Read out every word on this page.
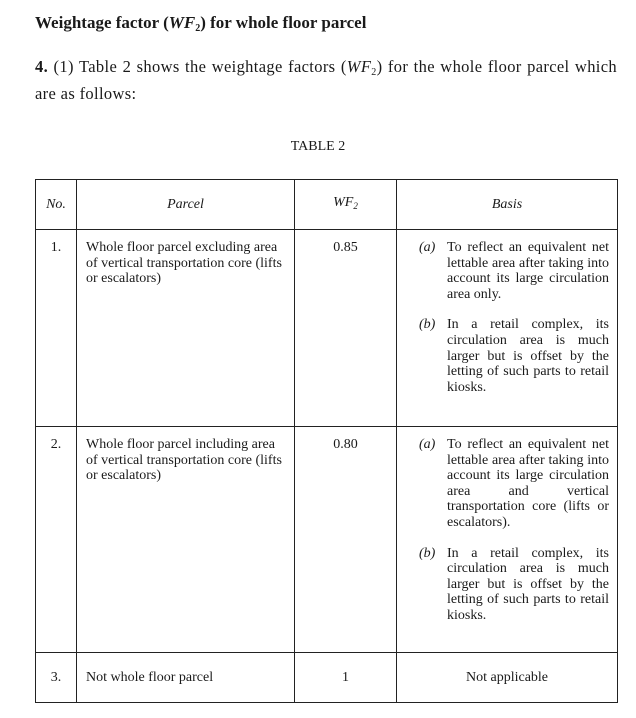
Weightage factor $(WF_2)$ for whole floor parcel
4. (1) Table 2 shows the weightage factors $(WF_2)$ for the whole floor parcel which are as follows:
TABLE 2
No.	Parcel	$WF_2$	Basis
1.	Whole floor parcel excluding area of vertical transportation core (lifts or escalators)	0.85	(a) To reflect an equivalent net lettable area after taking into account its large circulation area only.
(b) In a retail complex, its circulation area is much larger but is offset by the letting of such parts to retail kiosks.

2.	Whole floor parcel including area of vertical transportation core (lifts or escalators)	0.80	(a) To reflect an equivalent net lettable area after taking into account its large circulation area and vertical transportation core (lifts or escalators).
(b) In a retail complex, its circulation area is much larger but is offset by the letting of such parts to retail kiosks.

3.	Not whole floor parcel	1	Not applicable
